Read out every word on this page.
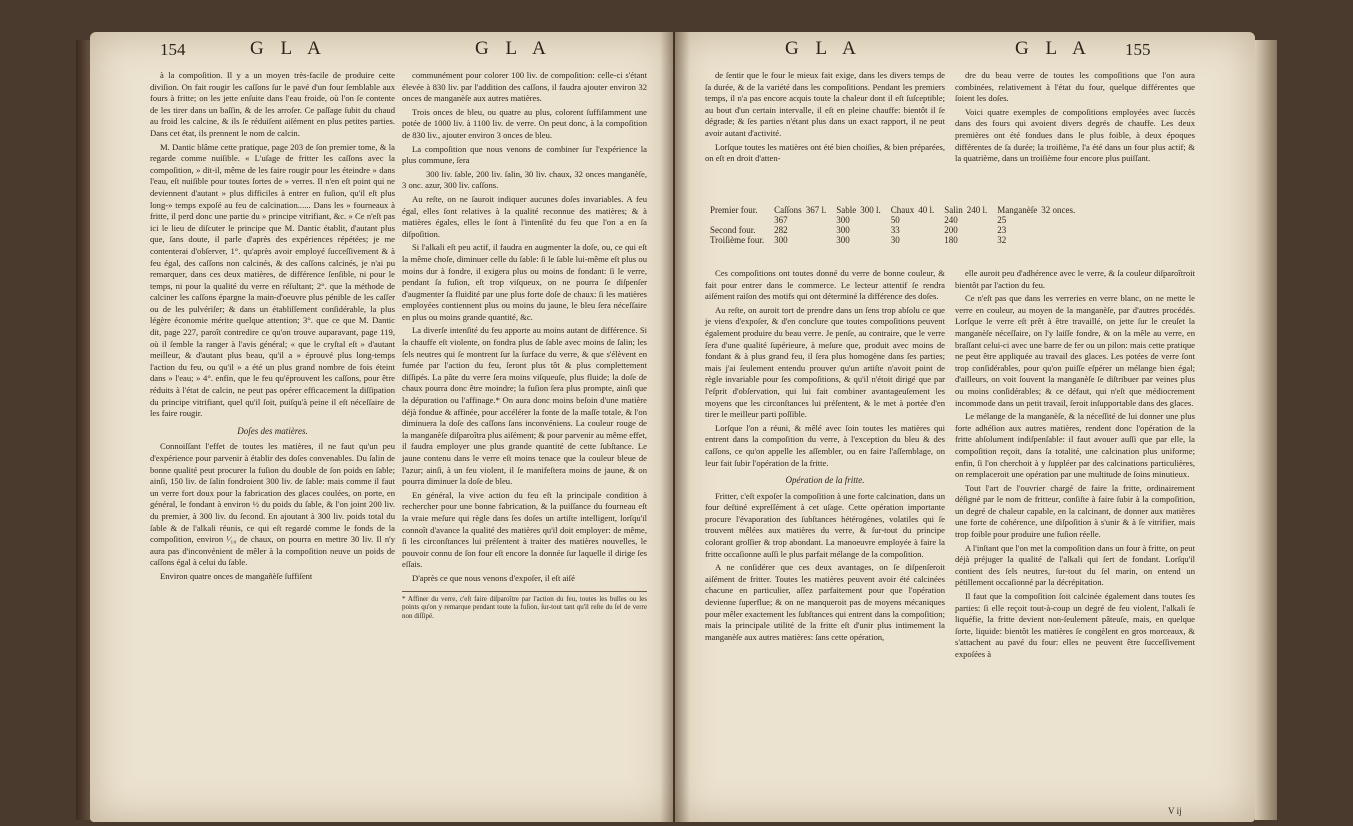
154	G L A	G L A

à la compoſition. Il y a un moyen très-facile de produire cette diviſion. On fait rougir les caſſons ſur le pavé d'un four ſemblable aux fours à fritte; on les jette enſuite dans l'eau froide, où l'on ſe contente de les tirer dans un baſſin, & de les arroſer. Ce paſſage ſubit du chaud au froid les calcine, & ils ſe réduiſent aiſément en plus petites parties. Dans cet état, ils prennent le nom de calcin.

M. Dantic blâme cette pratique, page 203 de ſon premier tome, & la regarde comme nuiſible. « L'uſage de fritter les caſſons avec la compoſition, » dit-il, même de les faire rougir pour les éteindre » dans l'eau, eſt nuiſible pour toutes ſortes de » verres. Il n'en eſt point qui ne deviennent d'autant » plus difficiles à entrer en fuſion, qu'il eſt plus long-» temps expoſé au feu de calcination...... Dans les » fourneaux à fritte, il perd donc une partie du » principe vitrifiant, &c. » Ce n'eſt pas ici le lieu de diſcuter le principe que M. Dantic établit, d'autant plus que, ſans doute, il parle d'après des expériences répétées; je me contenterai d'obſerver, 1°. qu'après avoir employé ſucceſſivement & à feu égal, des caſſons non calcinés, & des caſſons calcinés, je n'ai pu remarquer, dans ces deux matières, de différence ſenſible, ni pour le temps, ni pour la qualité du verre en réſultant; 2°. que la méthode de calciner les caſſons épargne la main-d'oeuvre plus pénible de les caſſer ou de les pulvériſer; & dans un établiſſement conſidérable, la plus légère économie mérite quelque attention; 3°. que ce que M. Dantic dit, page 227, paroît contredire ce qu'on trouve auparavant, page 119, où il ſemble la ranger à l'avis général; « que le cryſtal eſt » d'autant meilleur, & d'autant plus beau, qu'il a » éprouvé plus long-temps l'action du feu, ou qu'il » a été un plus grand nombre de fois éteint dans » l'eau; » 4°. enfin, que le feu qu'éprouvent les caſſons, pour être réduits à l'état de calcin, ne peut pas opérer efficacement la diſſipation du principe vitrifiant, quel qu'il ſoit, puiſqu'à peine il eſt néceſſaire de les faire rougir.

Doſes des matières.

Connoiſſant l'effet de toutes les matières, il ne faut qu'un peu d'expérience pour parvenir à établir des doſes convenables. Du ſalin de bonne qualité peut procurer la fuſion du double de ſon poids en ſable; ainſi, 150 liv. de ſalin fondroient 300 liv. de ſable: mais comme il faut un verre fort doux pour la fabrication des glaces coulées, on porte, en général, le fondant à environ ½ du poids du ſable, & l'on joint 200 liv. du premier, à 300 liv. du ſecond. En ajoutant à 300 liv. poids total du ſable & de l'alkali réunis, ce qui eſt regardé comme le fonds de la compoſition, environ ¹⁄₁₀ de chaux, on pourra en mettre 30 liv. Il n'y aura pas d'inconvénient de mêler à la compoſition neuve un poids de caſſons égal à celui du ſable.

Environ quatre onces de mangañèſe ſuffiſent

communément pour colorer 100 liv. de compoſition: celle-ci s'étant élevée à 830 liv. par l'addition des caſſons, il faudra ajouter environ 32 onces de manganèſe aux autres matières.

Trois onces de bleu, ou quatre au plus, colorent ſuffiſamment une potée de 1000 liv. à 1100 liv. de verre. On peut donc, à la compoſition de 830 liv., ajouter environ 3 onces de bleu.

La compoſition que nous venons de combiner ſur l'expérience la plus commune, ſera

300 liv. ſable, 200 liv. ſalin, 30 liv. chaux, 32 onces manganèſe, 3 onc. azur, 300 liv. caſſons.

Au reſte, on ne ſauroit indiquer aucunes doſes invariables. A feu égal, elles ſont relatives à la qualité reconnue des matières; & à matières égales, elles le ſont à l'intenſité du feu que l'on a en ſa diſpoſition.

Si l'alkali eſt peu actif, il faudra en augmenter la doſe, ou, ce qui eſt la même choſe, diminuer celle du ſable: ſi le ſable lui-même eſt plus ou moins dur à fondre, il exigera plus ou moins de fondant: ſi le verre, pendant ſa fuſion, eſt trop viſqueux, on ne pourra ſe diſpenſer d'augmenter ſa fluidité par une plus forte doſe de chaux: ſi les matières employées contiennent plus ou moins du jaune, le bleu ſera néceſſaire en plus ou moins grande quantité, &c.

La diverſe intenſité du feu apporte au moins autant de différence. Si la chauffe eſt violente, on fondra plus de ſable avec moins de ſalin; les ſels neutres qui ſe montrent ſur la ſurface du verre, & que s'élèvent en fumée par l'action du feu, ſeront plus tôt & plus complettement diſſipés. La pâte du verre ſera moins viſqueuſe, plus fluide; la doſe de chaux pourra donc être moindre; la fuſion ſera plus prompte, ainſi que la dépuration ou l'affinage.* On aura donc moins beſoin d'une matière déjà fondue & affinée, pour accélérer la fonte de la maſſe totale, & l'on diminuera la doſe des caſſons ſans inconvéniens. La couleur rouge de la manganèſe diſparoîtra plus aiſément; & pour parvenir au même effet, il faudra employer une plus grande quantité de cette ſubſtance. Le jaune contenu dans le verre eſt moins tenace que la couleur bleue de l'azur; ainſi, à un feu violent, il ſe manifeſtera moins de jaune, & on pourra diminuer la doſe de bleu.

En général, la vive action du feu eſt la principale condition à rechercher pour une bonne fabrication, & la puiſſance du fourneau eſt la vraie meſure qui règle dans ſes doſes un artiſte intelligent, lorſqu'il connoît d'avance la qualité des matières qu'il doit employer: de même, ſi les circonſtances lui préſentent à traiter des matières nouvelles, le pouvoir connu de ſon four eſt encore la donnée ſur laquelle il dirige ſes eſſais.

D'après ce que nous venons d'expoſer, il eſt aiſé

* Affiner du verre, c'eſt faire diſparoître par l'action du feu, toutes les bulles ou les points qu'on y remarque pendant toute la fuſion, ſur-tout tant qu'il reſte du ſel de verre non diſſipé.
G L A	G L A 155

de ſentir que le four le mieux fait exige, dans les divers temps de ſa durée, & de la variété dans les compoſitions. Pendant les premiers temps, il n'a pas encore acquis toute la chaleur dont il eſt ſuſceptible; au bout d'un certain intervalle, il eſt en pleine chauffe: bientôt il ſe dégrade; & ſes parties n'étant plus dans un exact rapport, il ne peut avoir autant d'activité.

Lorſque toutes les matières ont été bien choiſies, & bien préparées, on eſt en droit d'atten-

dre du beau verre de toutes les compoſitions que l'on aura combinées, relativement à l'état du four, quelque différentes que ſoient les doſes.

Voici quatre exemples de compoſitions employées avec ſuccès dans des fours qui avoient divers degrés de chauffe. Les deux premières ont été fondues dans le plus foible, à deux époques différentes de ſa durée; la troiſième, l'a été dans un four plus actif; & la quatrième, dans un troiſième four encore plus puiſſant.

Premier four.	Caſſons 367 l.	Sable 300 l.	Chaux 40 l.	Salin 240 l.	Manganèſe 32 onces.
	367	300	50	240	25
Second four.	282	300	33	200	23
Troiſième four.	300	300	30	180	32

Ces compoſitions ont toutes donné du verre de bonne couleur, & fait pour entrer dans le commerce. Le lecteur attentif ſe rendra aiſément raiſon des motifs qui ont déterminé la différence des doſes.

Au reſte, on auroit tort de prendre dans un ſens trop abſolu ce que je viens d'expoſer, & d'en conclure que toutes compoſitions peuvent également produire du beau verre. Je penſe, au contraire, que le verre ſera d'une qualité ſupérieure, à meſure que, produit avec moins de fondant & à plus grand feu, il ſera plus homogène dans ſes parties; mais j'ai ſeulement entendu prouver qu'un artiſte n'avoit point de règle invariable pour ſes compoſitions, & qu'il n'étoit dirigé que par l'eſprit d'obſervation, qui lui fait combiner avantageuſement les moyens que les circonſtances lui préſentent, & le met à portée d'en tirer le meilleur parti poſſible.

Lorſque l'on a réuni, & mêlé avec ſoin toutes les matières qui entrent dans la compoſition du verre, à l'exception du bleu & des caſſons, ce qu'on appelle les aſſembler, ou en faire l'aſſemblage, on leur fait ſubir l'opération de la fritte.

Opération de la fritte.

Fritter, c'eſt expoſer la compoſition à une forte calcination, dans un four deſtiné expreſſément à cet uſage. Cette opération importante procure l'évaporation des ſubſtances hétérogènes, volatiles qui ſe trouvent mêlées aux matières du verre, & ſur-tout du principe colorant groſſier & trop abondant. La manoeuvre employée à faire la fritte occaſionne auſſi le plus parfait mélange de la compoſition.

A ne conſidérer que ces deux avantages, on ſe diſpenſeroit aiſément de fritter. Toutes les matières peuvent avoir été calcinées chacune en particulier, aſſez parfaitement pour que l'opération devienne ſuperflue; & on ne manqueroit pas de moyens mécaniques pour mêler exactement les ſubſtances qui entrent dans la compoſition; mais la principale utilité de la fritte eſt d'unir plus intimement la manganèſe aux autres matières: ſans cette opération,

elle auroit peu d'adhérence avec le verre, & ſa couleur diſparoîtroit bientôt par l'action du feu.

Ce n'eſt pas que dans les verreries en verre blanc, on ne mette le verre en couleur, au moyen de la manganèſe, par d'autres procédés. Lorſque le verre eſt prêt à être travaillé, on jette ſur le creuſet la manganèſe néceſſaire, on l'y laiſſe fondre, & on la mêle au verre, en braſſant celui-ci avec une barre de fer ou un pilon: mais cette pratique ne peut être appliquée au travail des glaces. Les potées de verre ſont trop conſidérables, pour qu'on puiſſe eſpérer un mélange bien égal; d'ailleurs, on voit ſouvent la manganèſe ſe diſtribuer par veines plus ou moins conſidérables; & ce défaut, qui n'eſt que médiocrement incommode dans un petit travail, ſeroit inſupportable dans des glaces.

Le mélange de la manganèſe, & la néceſſité de lui donner une plus forte adhéſion aux autres matières, rendent donc l'opération de la fritte abſolument indiſpenſable: il faut avouer auſſi que par elle, la compoſition reçoit, dans ſa totalité, une calcination plus uniforme; enfin, ſi l'on cherchoit à y ſuppléer par des calcinations particulières, on remplaceroit une opération par une multitude de ſoins minutieux.

Tout l'art de l'ouvrier chargé de faire la fritte, ordinairement déſigné par le nom de fritteur, conſiſte à faire ſubir à la compoſition, un degré de chaleur capable, en la calcinant, de donner aux matières une forte de cohérence, une diſpoſition à s'unir & à ſe vitrifier, mais trop foible pour produire une fuſion réelle.

A l'inſtant que l'on met la compoſition dans un four à fritte, on peut déjà préjuger la qualité de l'alkali qui ſert de fondant. Lorſqu'il contient des ſels neutres, ſur-tout du ſel marin, on entend un pétillement occaſionné par la décrépitation.

Il faut que la compoſition ſoit calcinée également dans toutes ſes parties: ſi elle reçoit tout-à-coup un degré de feu violent, l'alkali ſe liquéfie, la fritte devient non-ſeulement pâteuſe, mais, en quelque ſorte, liquide: bientôt les matières ſe congèlent en gros morceaux, & s'attachent au pavé du four: elles ne peuvent être ſucceſſivement expoſées à

V ij
